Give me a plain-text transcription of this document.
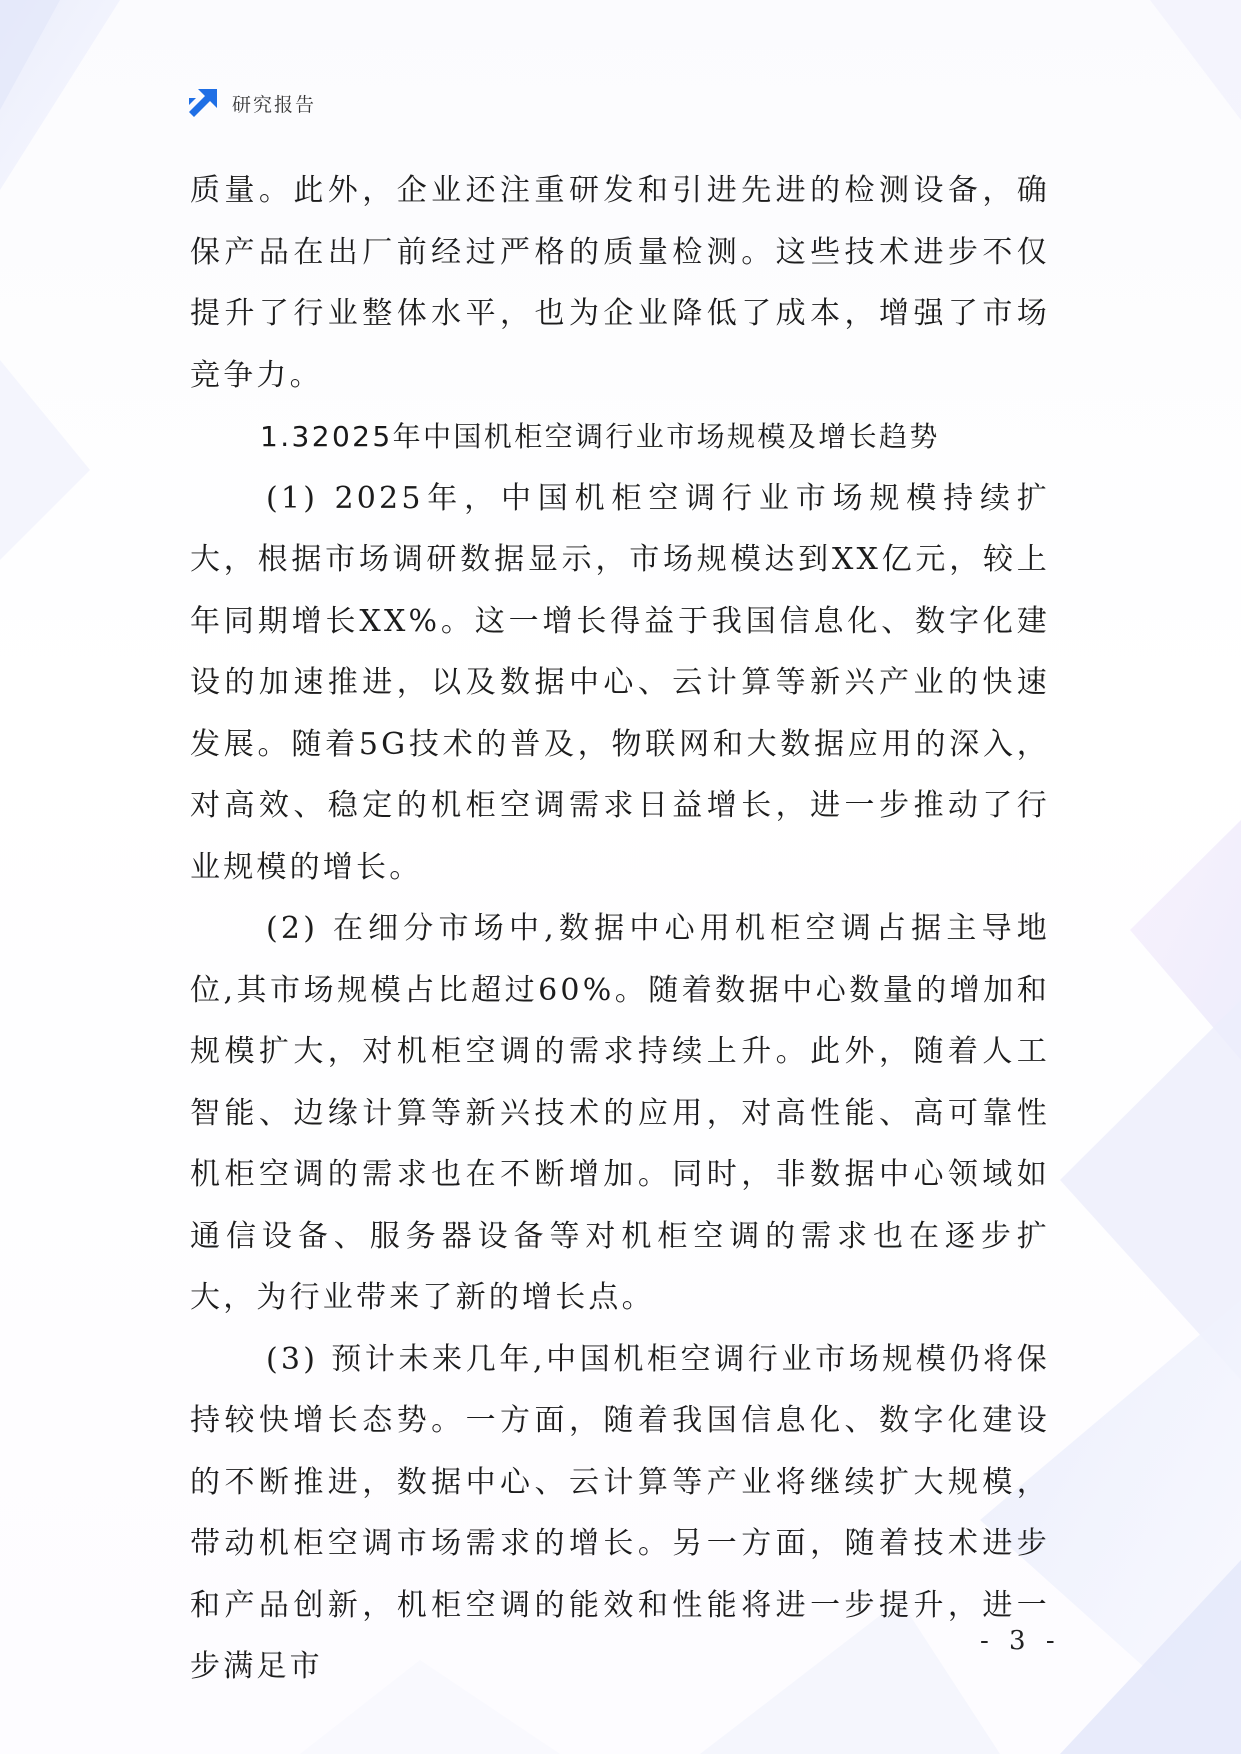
研究报告

质量。此外，企业还注重研发和引进先进的检测设备，确保产品在出厂前经过严格的质量检测。这些技术进步不仅提升了行业整体水平，也为企业降低了成本，增强了市场竞争力。

1.32025年中国机柜空调行业市场规模及增长趋势

(1) 2025年，中国机柜空调行业市场规模持续扩大，根据市场调研数据显示，市场规模达到XX亿元，较上年同期增长XX%。这一增长得益于我国信息化、数字化建设的加速推进，以及数据中心、云计算等新兴产业的快速发展。随着5G技术的普及，物联网和大数据应用的深入，对高效、稳定的机柜空调需求日益增长，进一步推动了行业规模的增长。

(2) 在细分市场中,数据中心用机柜空调占据主导地位,其市场规模占比超过60%。随着数据中心数量的增加和规模扩大，对机柜空调的需求持续上升。此外，随着人工智能、边缘计算等新兴技术的应用，对高性能、高可靠性机柜空调的需求也在不断增加。同时，非数据中心领域如通信设备、服务器设备等对机柜空调的需求也在逐步扩大，为行业带来了新的增长点。

(3) 预计未来几年,中国机柜空调行业市场规模仍将保持较快增长态势。一方面，随着我国信息化、数字化建设的不断推进，数据中心、云计算等产业将继续扩大规模，带动机柜空调市场需求的增长。另一方面，随着技术进步和产品创新，机柜空调的能效和性能将进一步提升，进一步满足市

- 3 -
